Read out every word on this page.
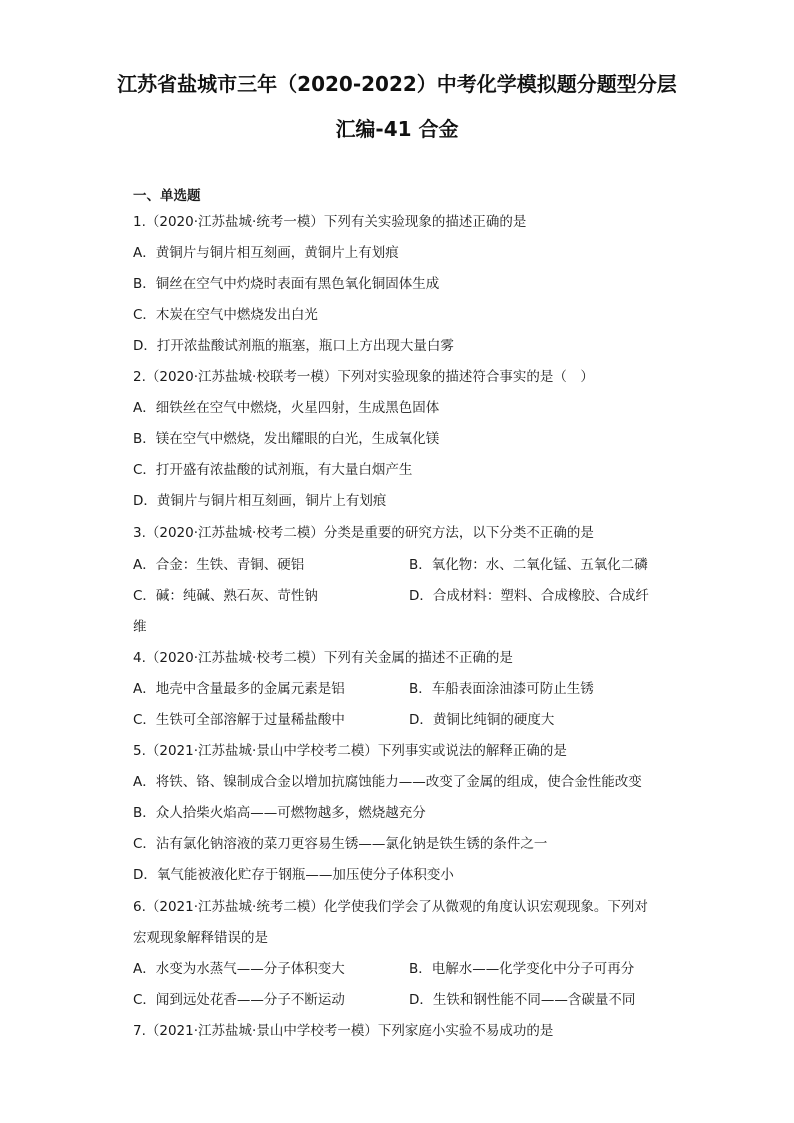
江苏省盐城市三年（2020-2022）中考化学模拟题分题型分层
汇编-41 合金
一、单选题
1.（2020·江苏盐城·统考一模）下列有关实验现象的描述正确的是
A．黄铜片与铜片相互刻画，黄铜片上有划痕
B．铜丝在空气中灼烧时表面有黑色氧化铜固体生成
C．木炭在空气中燃烧发出白光
D．打开浓盐酸试剂瓶的瓶塞，瓶口上方出现大量白雾
2.（2020·江苏盐城·校联考一模）下列对实验现象的描述符合事实的是（　）
A．细铁丝在空气中燃烧，火星四射，生成黑色固体
B．镁在空气中燃烧，发出耀眼的白光，生成氧化镁
C．打开盛有浓盐酸的试剂瓶，有大量白烟产生
D．黄铜片与铜片相互刻画，铜片上有划痕
3.（2020·江苏盐城·校考二模）分类是重要的研究方法，以下分类不正确的是
A．合金：生铁、青铜、硬铝	B．氧化物：水、二氧化锰、五氧化二磷
C．碱：纯碱、熟石灰、苛性钠	D．合成材料：塑料、合成橡胶、合成纤
维
4.（2020·江苏盐城·校考二模）下列有关金属的描述不正确的是
A．地壳中含量最多的金属元素是铝	B．车船表面涂油漆可防止生锈
C．生铁可全部溶解于过量稀盐酸中	D．黄铜比纯铜的硬度大
5.（2021·江苏盐城·景山中学校考二模）下列事实或说法的解释正确的是
A．将铁、铬、镍制成合金以增加抗腐蚀能力——改变了金属的组成，使合金性能改变
B．众人拾柴火焰高——可燃物越多，燃烧越充分
C．沾有氯化钠溶液的菜刀更容易生锈——氯化钠是铁生锈的条件之一
D．氧气能被液化贮存于钢瓶——加压使分子体积变小
6.（2021·江苏盐城·统考二模）化学使我们学会了从微观的角度认识宏观现象。下列对
宏观现象解释错误的是
A．水变为水蒸气——分子体积变大	B．电解水——化学变化中分子可再分
C．闻到远处花香——分子不断运动	D．生铁和钢性能不同——含碳量不同
7.（2021·江苏盐城·景山中学校考一模）下列家庭小实验不易成功的是
